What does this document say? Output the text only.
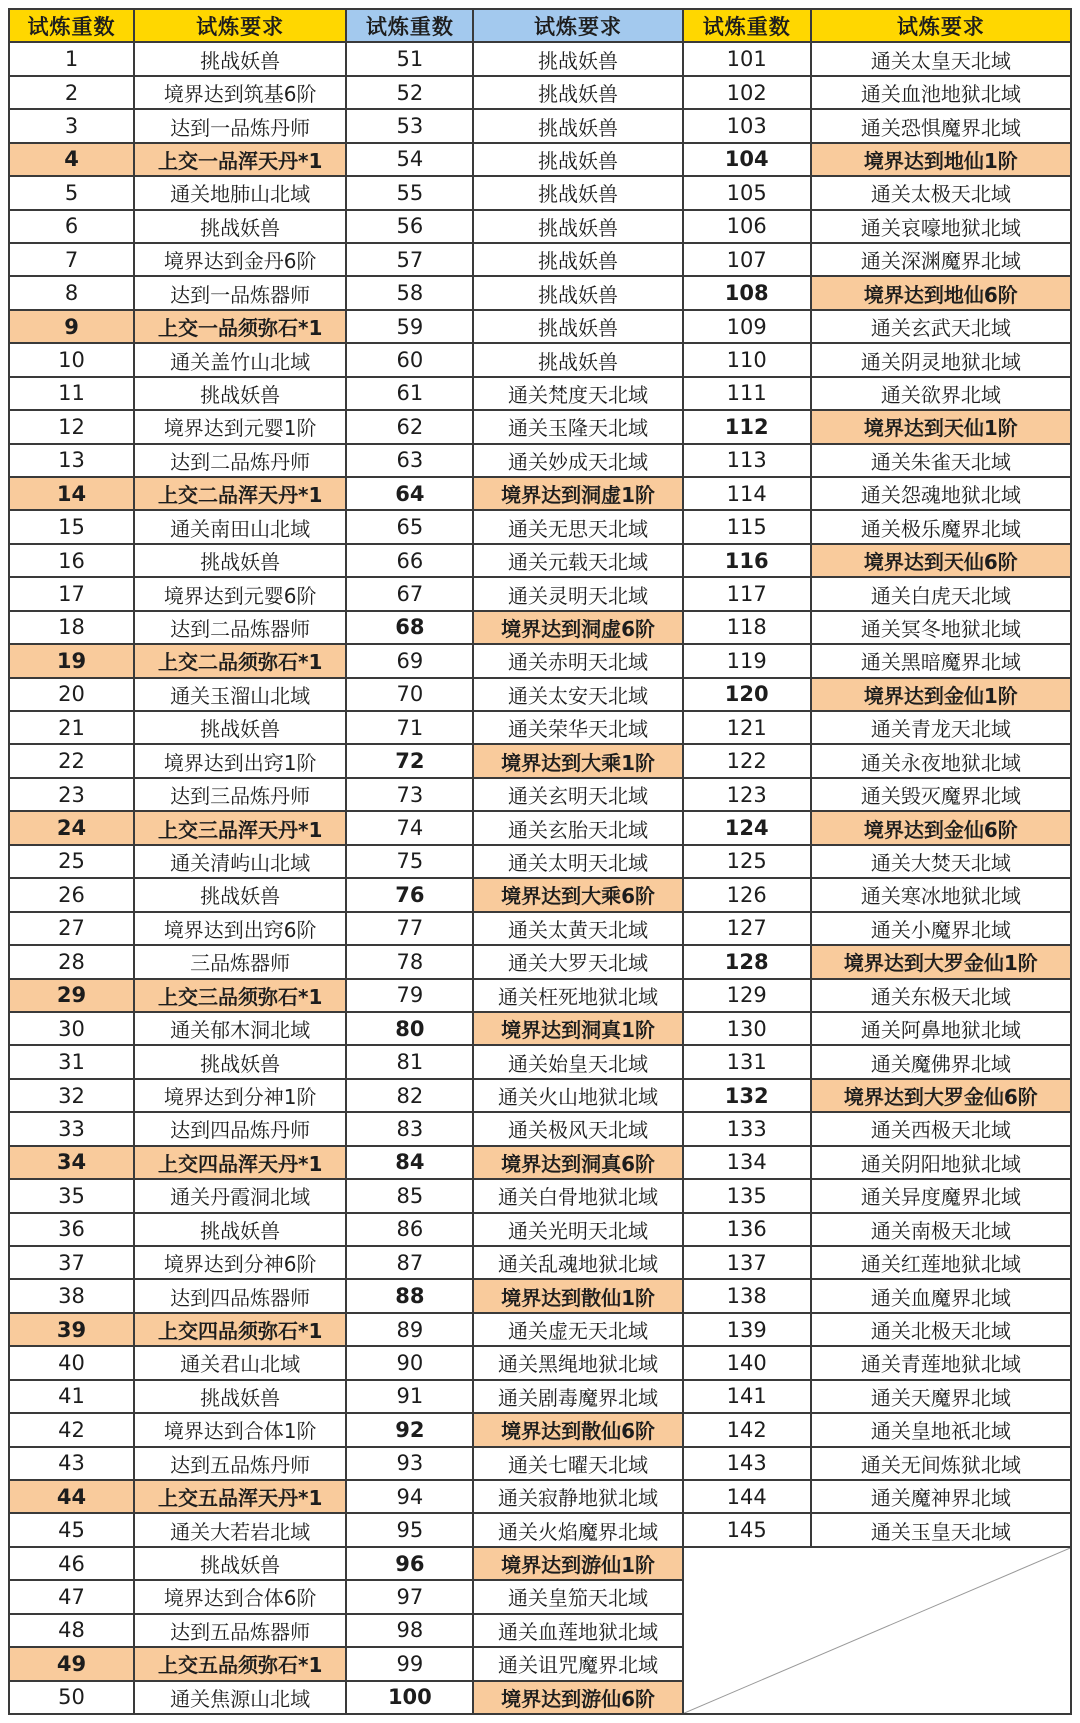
试炼重数	试炼要求
1	挑战妖兽
2	境界达到筑基6阶
3	达到一品炼丹师
4	上交一品浑天丹*1
5	通关地肺山北域
6	挑战妖兽
7	境界达到金丹6阶
8	达到一品炼器师
9	上交一品须弥石*1
10	通关盖竹山北域
11	挑战妖兽
12	境界达到元婴1阶
13	达到二品炼丹师
14	上交二品浑天丹*1
15	通关南田山北域
16	挑战妖兽
17	境界达到元婴6阶
18	达到二品炼器师
19	上交二品须弥石*1
20	通关玉溜山北域
21	挑战妖兽
22	境界达到出窍1阶
23	达到三品炼丹师
24	上交三品浑天丹*1
25	通关清屿山北域
26	挑战妖兽
27	境界达到出窍6阶
28	三品炼器师
29	上交三品须弥石*1
30	通关郁木洞北域
31	挑战妖兽
32	境界达到分神1阶
33	达到四品炼丹师
34	上交四品浑天丹*1
35	通关丹霞洞北域
36	挑战妖兽
37	境界达到分神6阶
38	达到四品炼器师
39	上交四品须弥石*1
40	通关君山北域
41	挑战妖兽
42	境界达到合体1阶
43	达到五品炼丹师
44	上交五品浑天丹*1
45	通关大若岩北域
46	挑战妖兽
47	境界达到合体6阶
48	达到五品炼器师
49	上交五品须弥石*1
50	通关焦源山北域
试炼重数	试炼要求
51	挑战妖兽
52	挑战妖兽
53	挑战妖兽
54	挑战妖兽
55	挑战妖兽
56	挑战妖兽
57	挑战妖兽
58	挑战妖兽
59	挑战妖兽
60	挑战妖兽
61	通关梵度天北域
62	通关玉隆天北域
63	通关妙成天北域
64	境界达到洞虚1阶
65	通关无思天北域
66	通关元载天北域
67	通关灵明天北域
68	境界达到洞虚6阶
69	通关赤明天北域
70	通关太安天北域
71	通关荣华天北域
72	境界达到大乘1阶
73	通关玄明天北域
74	通关玄胎天北域
75	通关太明天北域
76	境界达到大乘6阶
77	通关太黄天北域
78	通关大罗天北域
79	通关枉死地狱北域
80	境界达到洞真1阶
81	通关始皇天北域
82	通关火山地狱北域
83	通关极风天北域
84	境界达到洞真6阶
85	通关白骨地狱北域
86	通关光明天北域
87	通关乱魂地狱北域
88	境界达到散仙1阶
89	通关虚无天北域
90	通关黑绳地狱北域
91	通关剧毒魔界北域
92	境界达到散仙6阶
93	通关七曜天北域
94	通关寂静地狱北域
95	通关火焰魔界北域
96	境界达到游仙1阶
97	通关皇笳天北域
98	通关血莲地狱北域
99	通关诅咒魔界北域
100	境界达到游仙6阶
试炼重数	试炼要求
101	通关太皇天北域
102	通关血池地狱北域
103	通关恐惧魔界北域
104	境界达到地仙1阶
105	通关太极天北域
106	通关哀嚎地狱北域
107	通关深渊魔界北域
108	境界达到地仙6阶
109	通关玄武天北域
110	通关阴灵地狱北域
111	通关欲界北域
112	境界达到天仙1阶
113	通关朱雀天北域
114	通关怨魂地狱北域
115	通关极乐魔界北域
116	境界达到天仙6阶
117	通关白虎天北域
118	通关冥冬地狱北域
119	通关黑暗魔界北域
120	境界达到金仙1阶
121	通关青龙天北域
122	通关永夜地狱北域
123	通关毁灭魔界北域
124	境界达到金仙6阶
125	通关大焚天北域
126	通关寒冰地狱北域
127	通关小魔界北域
128	境界达到大罗金仙1阶
129	通关东极天北域
130	通关阿鼻地狱北域
131	通关魔佛界北域
132	境界达到大罗金仙6阶
133	通关西极天北域
134	通关阴阳地狱北域
135	通关异度魔界北域
136	通关南极天北域
137	通关红莲地狱北域
138	通关血魔界北域
139	通关北极天北域
140	通关青莲地狱北域
141	通关天魔界北域
142	通关皇地祇北域
143	通关无间炼狱北域
144	通关魔神界北域
145	通关玉皇天北域
